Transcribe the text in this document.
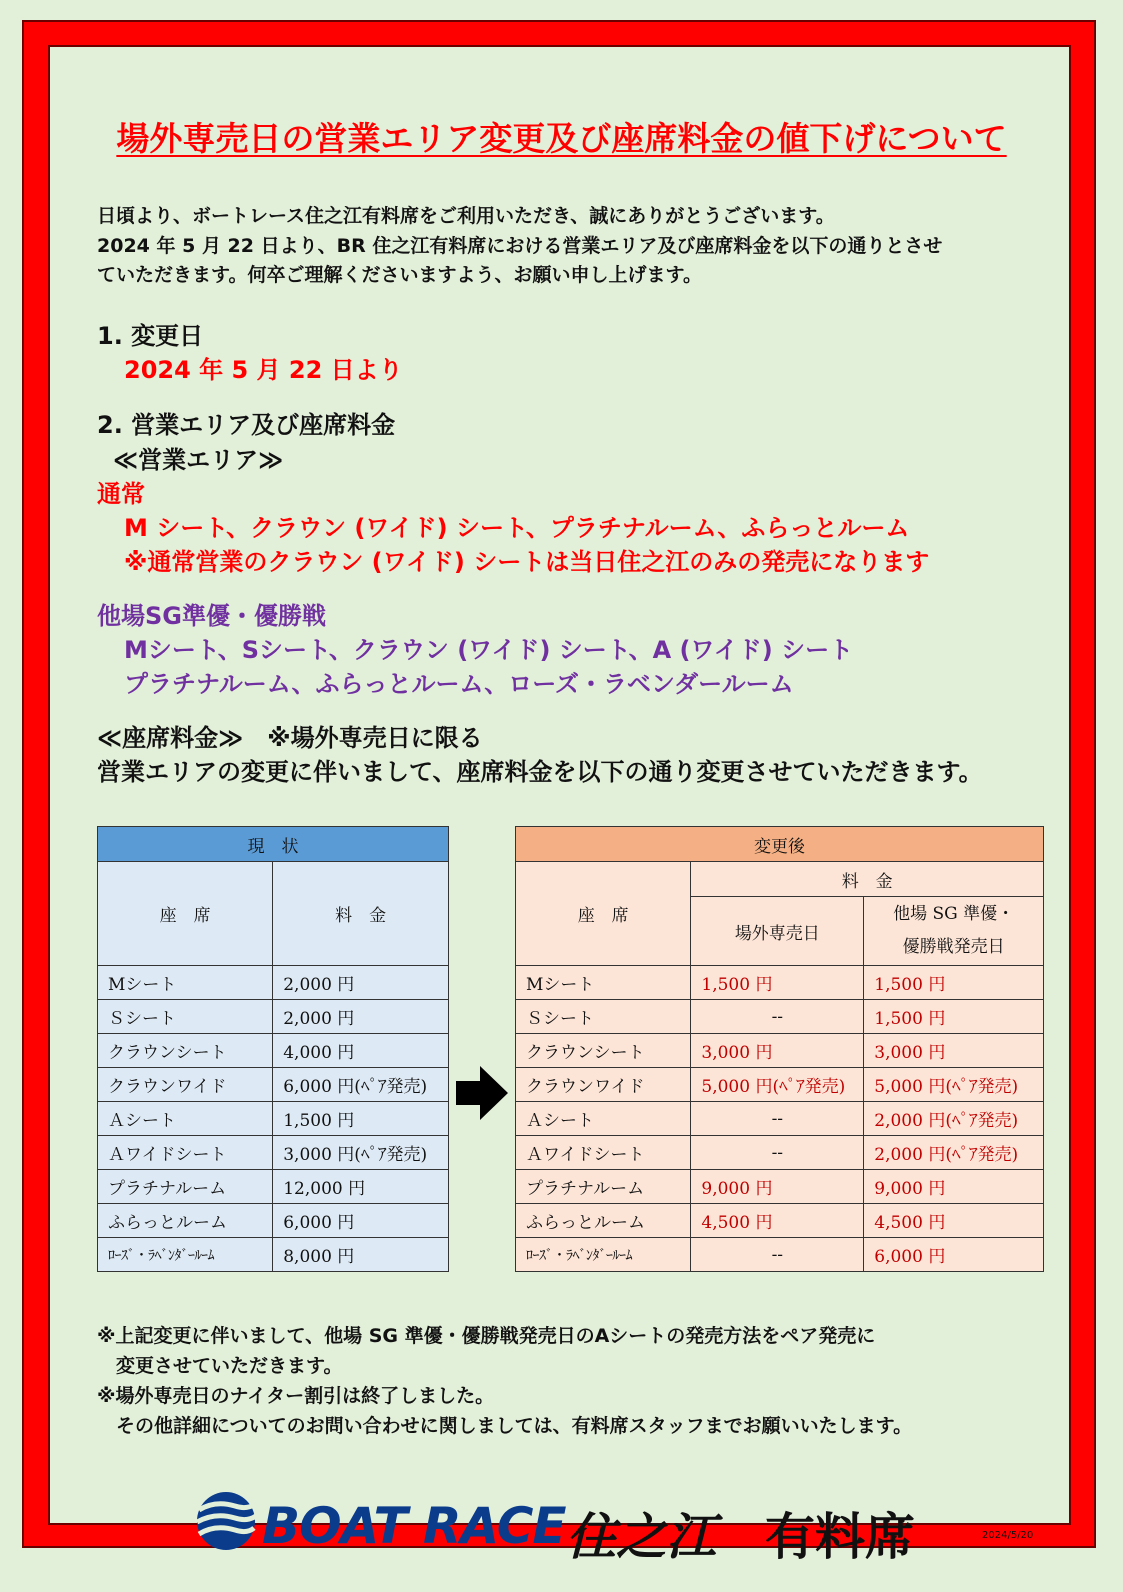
場外専売日の営業エリア変更及び座席料金の値下げについて
日頃より、ボートレース住之江有料席をご利用いただき、誠にありがとうございます。
2024 年 5 月 22 日より、BR 住之江有料席における営業エリア及び座席料金を以下の通りとさせ
ていただきます。何卒ご理解くださいますよう、お願い申し上げます。
1. 変更日
2024 年 5 月 22 日より
2. 営業エリア及び座席料金
≪営業エリア≫
通常
M シート、クラウン (ワイド) シート、プラチナルーム、ふらっとルーム
※通常営業のクラウン (ワイド) シートは当日住之江のみの発売になります
他場SG準優・優勝戦
Mシート、Sシート、クラウン (ワイド) シート、A (ワイド) シート
プラチナルーム、ふらっとルーム、ローズ・ラベンダールーム
≪座席料金≫　※場外専売日に限る
営業エリアの変更に伴いまして、座席料金を以下の通り変更させていただきます。
現　状	
座　席	料　金
Mシート	2,000 円
Ｓシート	2,000 円
クラウンシート	4,000 円
クラウンワイド	6,000 円(ﾍﾟｱ発売)
Ａシート	1,500 円
Ａワイドシート	3,000 円(ﾍﾟｱ発売)
プラチナルーム	12,000 円
ふらっとルーム	6,000 円
ﾛｰｽﾞ・ﾗﾍﾞﾝﾀﾞｰﾙｰﾑ	8,000 円
変更後		
座　席	料　金	
	場外専売日	他場 SG 準優・
優勝戦発売日

Mシート	1,500 円	1,500 円
Ｓシート	--	1,500 円
クラウンシート	3,000 円	3,000 円
クラウンワイド	5,000 円(ﾍﾟｱ発売)	5,000 円(ﾍﾟｱ発売)
Ａシート	--	2,000 円(ﾍﾟｱ発売)
Ａワイドシート	--	2,000 円(ﾍﾟｱ発売)
プラチナルーム	9,000 円	9,000 円
ふらっとルーム	4,500 円	4,500 円
ﾛｰｽﾞ・ﾗﾍﾞﾝﾀﾞｰﾙｰﾑ	--	6,000 円
※上記変更に伴いまして、他場 SG 準優・優勝戦発売日のAシートの発売方法をペア発売に
　変更させていただきます。
※場外専売日のナイター割引は終了しました。
　その他詳細についてのお問い合わせに関しましては、有料席スタッフまでお願いいたします。
BOAT RACE 住之江 有料席	2024/5/20
